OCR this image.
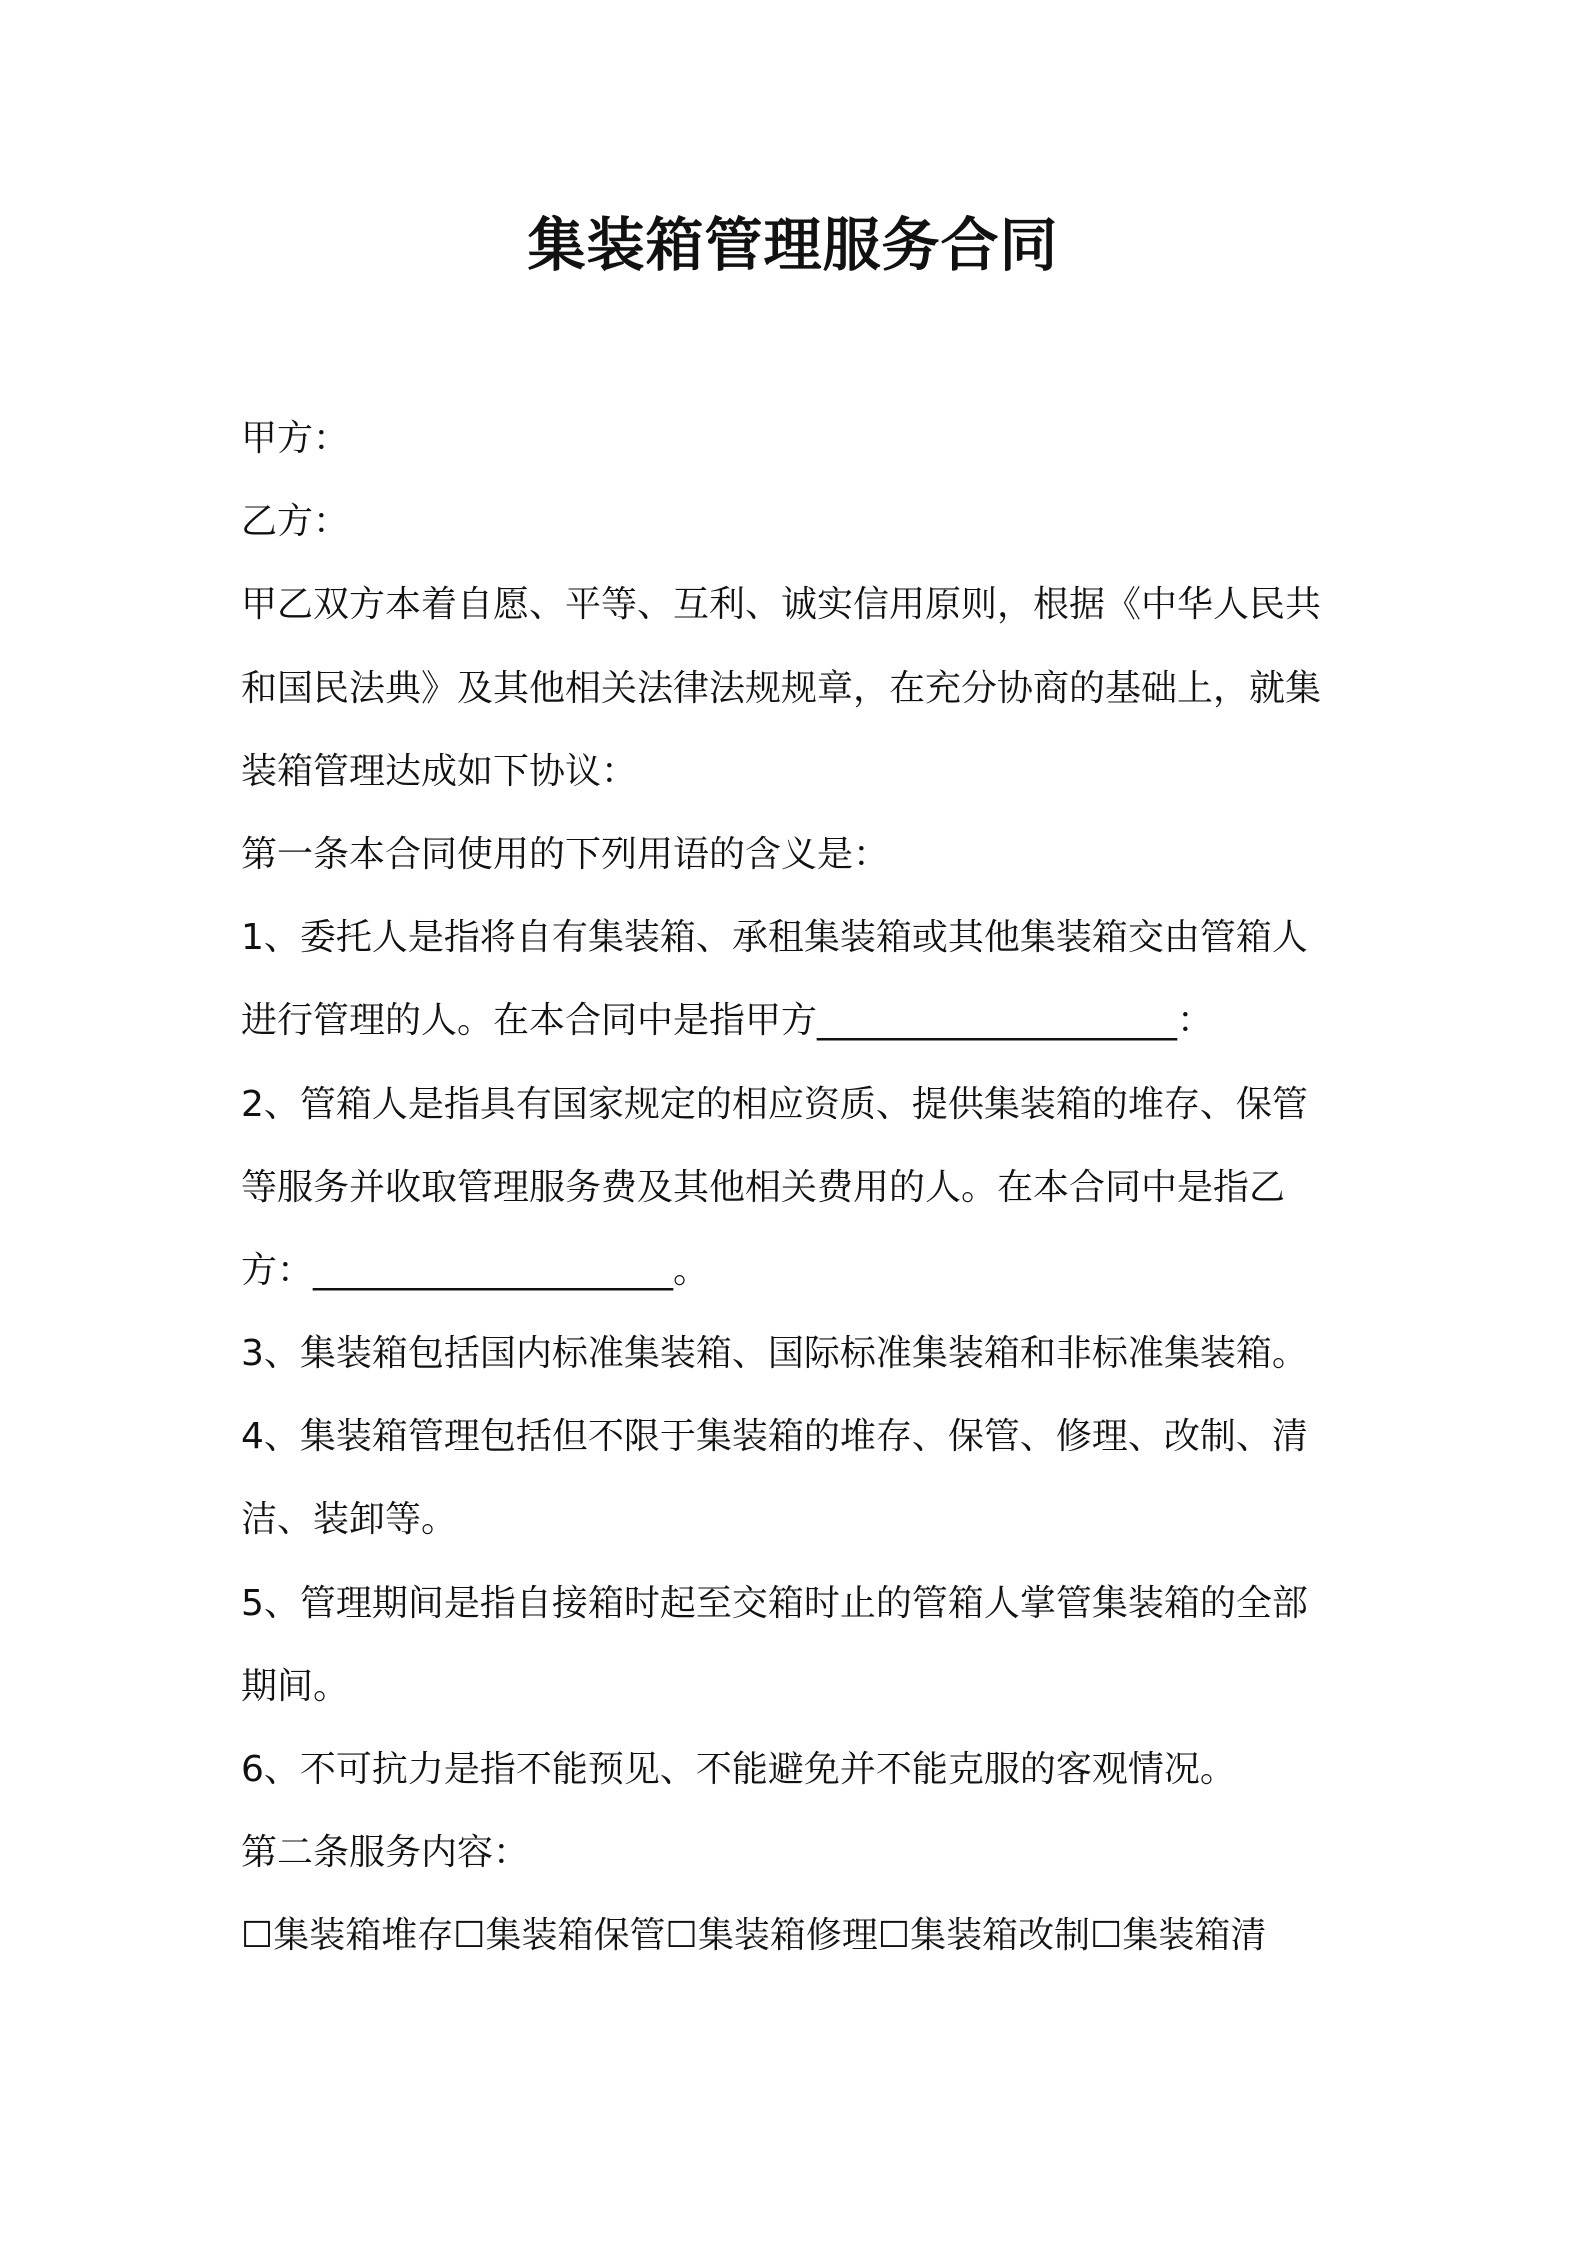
集装箱管理服务合同
甲方：
乙方：
甲乙双方本着自愿、平等、互利、诚实信用原则，根据《中华人民共
和国民法典》及其他相关法律法规规章，在充分协商的基础上，就集
装箱管理达成如下协议：
第一条本合同使用的下列用语的含义是：
1、委托人是指将自有集装箱、承租集装箱或其他集装箱交由管箱人
进行管理的人。在本合同中是指甲方____________________：
2、管箱人是指具有国家规定的相应资质、提供集装箱的堆存、保管
等服务并收取管理服务费及其他相关费用的人。在本合同中是指乙
方：____________________。
3、集装箱包括国内标准集装箱、国际标准集装箱和非标准集装箱。
4、集装箱管理包括但不限于集装箱的堆存、保管、修理、改制、清
洁、装卸等。
5、管理期间是指自接箱时起至交箱时止的管箱人掌管集装箱的全部
期间。
6、不可抗力是指不能预见、不能避免并不能克服的客观情况。
第二条服务内容：
☐集装箱堆存☐集装箱保管☐集装箱修理☐集装箱改制☐集装箱清
